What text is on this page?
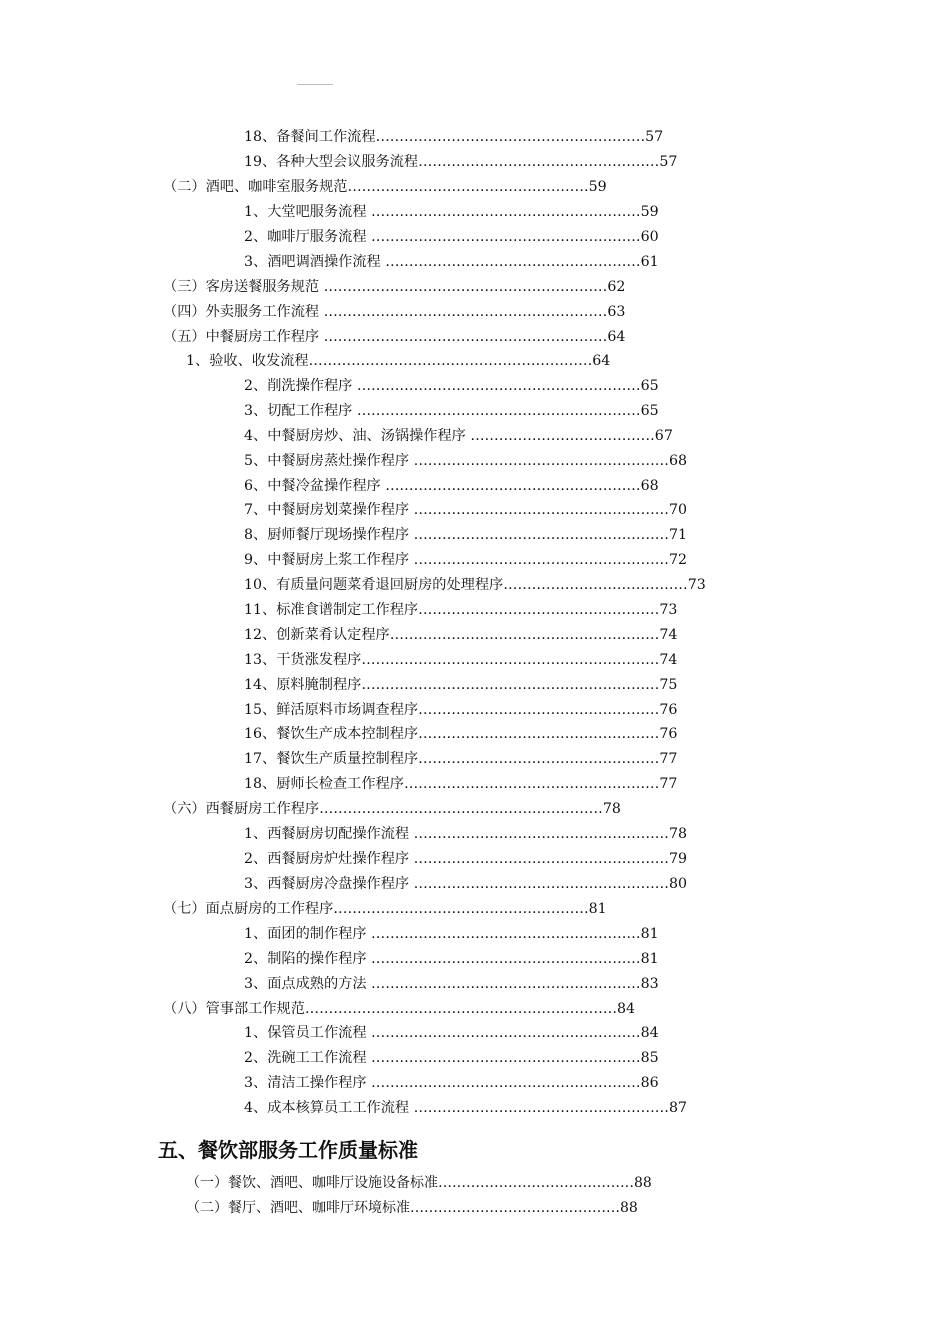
18、备餐间工作流程…………………………………………………57
19、各种大型会议服务流程……………………………………………57
（二）酒吧、咖啡室服务规范……………………………………………59
1、大堂吧服务流程 …………………………………………………59
2、咖啡厅服务流程 …………………………………………………60
3、酒吧调酒操作流程 ………………………………………………61
（三）客房送餐服务规范 ……………………………………………………62
（四）外卖服务工作流程 ……………………………………………………63
（五）中餐厨房工作程序 ……………………………………………………64
1、验收、收发流程……………………………………………………64
2、削洗操作程序 ……………………………………………………65
3、切配工作程序 ……………………………………………………65
4、中餐厨房炒、油、汤锅操作程序 …………………………………67
5、中餐厨房蒸灶操作程序 ………………………………………………68
6、中餐冷盆操作程序 ………………………………………………68
7、中餐厨房划菜操作程序 ………………………………………………70
8、厨师餐厅现场操作程序 ………………………………………………71
9、中餐厨房上浆工作程序 ………………………………………………72
10、有质量问题菜肴退回厨房的处理程序…………………………………73
11、标准食谱制定工作程序……………………………………………73
12、创新菜肴认定程序…………………………………………………74
13、干货涨发程序………………………………………………………74
14、原料腌制程序………………………………………………………75
15、鲜活原料市场调查程序……………………………………………76
16、餐饮生产成本控制程序……………………………………………76
17、餐饮生产质量控制程序……………………………………………77
18、厨师长检查工作程序………………………………………………77
（六）西餐厨房工作程序……………………………………………………78
1、西餐厨房切配操作流程 ………………………………………………78
2、西餐厨房炉灶操作程序 ………………………………………………79
3、西餐厨房冷盘操作程序 ………………………………………………80
（七）面点厨房的工作程序………………………………………………81
1、面团的制作程序 …………………………………………………81
2、制陷的操作程序 …………………………………………………81
3、面点成熟的方法 …………………………………………………83
（八）管事部工作规范…………………………………………………………84
1、保管员工作流程 …………………………………………………84
2、洗碗工工作流程 …………………………………………………85
3、清洁工操作程序 …………………………………………………86
4、成本核算员工工作流程 ………………………………………………87
五、餐饮部服务工作质量标准
（一）餐饮、酒吧、咖啡厅设施设备标准……………………………………88
（二）餐厅、酒吧、咖啡厅环境标准………………………………………88
